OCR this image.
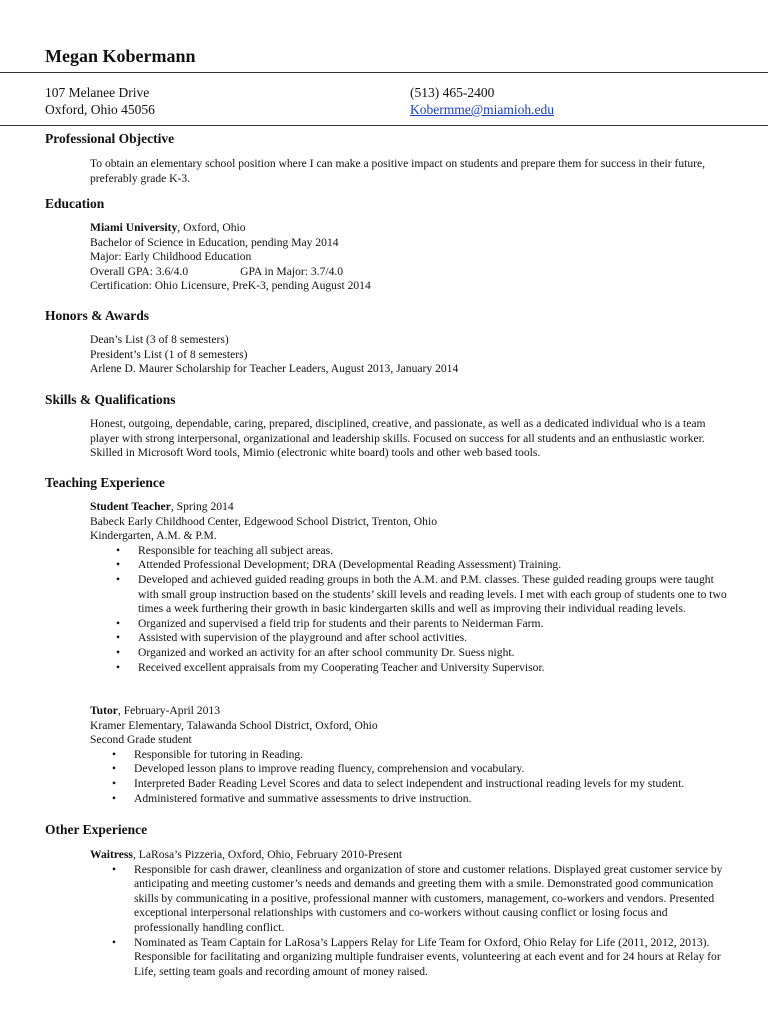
Megan Kobermann
107 Melanee Drive
Oxford, Ohio 45056
(513) 465-2400
Kobermme@miamioh.edu
Professional Objective
To obtain an elementary school position where I can make a positive impact on students and prepare them for success in their future, preferably grade K-3.
Education
Miami University, Oxford, Ohio
Bachelor of Science in Education, pending May 2014
Major: Early Childhood Education
Overall GPA: 3.6/4.0	GPA in Major: 3.7/4.0
Certification: Ohio Licensure, PreK-3, pending August 2014
Honors & Awards
Dean’s List (3 of 8 semesters)
President’s List (1 of 8 semesters)
Arlene D. Maurer Scholarship for Teacher Leaders, August 2013, January 2014
Skills & Qualifications
Honest, outgoing, dependable, caring, prepared, disciplined, creative, and passionate, as well as a dedicated individual who is a team player with strong interpersonal, organizational and leadership skills. Focused on success for all students and an enthusiastic worker. Skilled in Microsoft Word tools, Mimio (electronic white board) tools and other web based tools.
Teaching Experience
Student Teacher, Spring 2014
Babeck Early Childhood Center, Edgewood School District, Trenton, Ohio
Kindergarten, A.M. & P.M.
• Responsible for teaching all subject areas.
• Attended Professional Development; DRA (Developmental Reading Assessment) Training.
• Developed and achieved guided reading groups in both the A.M. and P.M. classes. These guided reading groups were taught with small group instruction based on the students’ skill levels and reading levels. I met with each group of students one to two times a week furthering their growth in basic kindergarten skills and well as improving their individual reading levels.
• Organized and supervised a field trip for students and their parents to Neiderman Farm.
• Assisted with supervision of the playground and after school activities.
• Organized and worked an activity for an after school community Dr. Suess night.
• Received excellent appraisals from my Cooperating Teacher and University Supervisor.
Tutor, February-April 2013
Kramer Elementary, Talawanda School District, Oxford, Ohio
Second Grade student
• Responsible for tutoring in Reading.
• Developed lesson plans to improve reading fluency, comprehension and vocabulary.
• Interpreted Bader Reading Level Scores and data to select independent and instructional reading levels for my student.
• Administered formative and summative assessments to drive instruction.
Other Experience
Waitress, LaRosa’s Pizzeria, Oxford, Ohio, February 2010-Present
• Responsible for cash drawer, cleanliness and organization of store and customer relations. Displayed great customer service by anticipating and meeting customer’s needs and demands and greeting them with a smile. Demonstrated good communication skills by communicating in a positive, professional manner with customers, management, co-workers and vendors. Presented exceptional interpersonal relationships with customers and co-workers without causing conflict or losing focus and professionally handling conflict.
• Nominated as Team Captain for LaRosa’s Lappers Relay for Life Team for Oxford, Ohio Relay for Life (2011, 2012, 2013). Responsible for facilitating and organizing multiple fundraiser events, volunteering at each event and for 24 hours at Relay for Life, setting team goals and recording amount of money raised.
